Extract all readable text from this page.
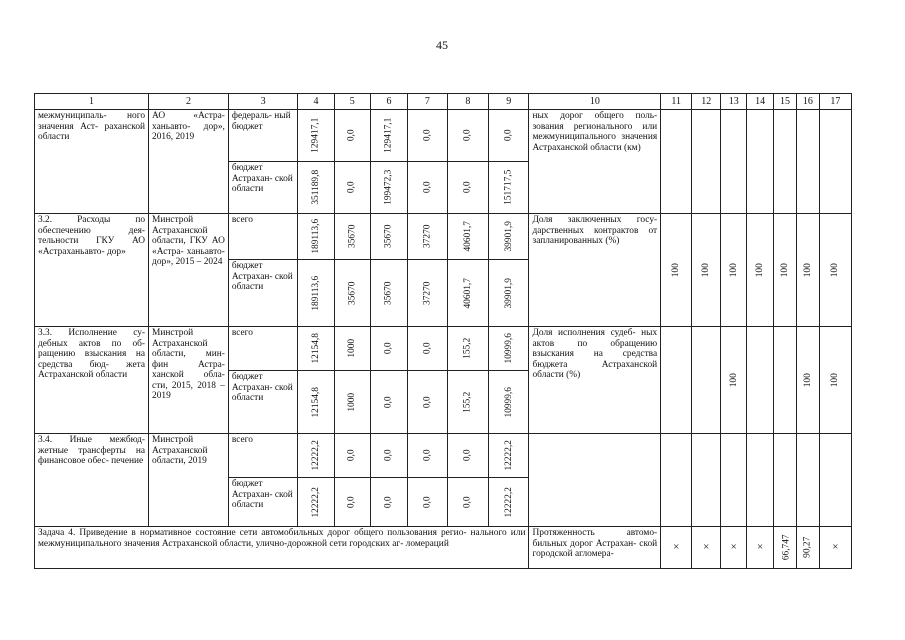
45
1	2	3	4	5	6	7	8	9	10	11	12	13	14	15	16	17
межмуниципаль- ного значения Аст- раханской области	АО «Астра- ханьавто- дор», 2016, 2019	федераль- ный бюджет	129417,1	0,0	129417,1	0,0	0,0	0,0	ных дорог общего поль- зования регионального или межмуниципального значения Астраханской области (км)							
		бюджет Астрахан- ской области	351189,8	0,0	199472,3	0,0	0,0	151717,5								
3.2. Расходы по обеспечению дея- тельности ГКУ АО «Астраханьавто- дор»	Минстрой Астраханской области, ГКУ АО «Астра- ханьавто- дор», 2015 – 2024	всего	189113,6	35670	35670	37270	40601,7	39901,9	Доля заключенных госу- дарственных контрактов от запланированных (%)	100	100	100	100	100	100	100
		бюджет Астрахан- ской области	189113,6	35670	35670	37270	40601,7	39901,9								
3.3. Исполнение су- дебных актов по об- ращению взыскания на средства бюд- жета Астраханской области	Минстрой Астраханской области, мин- фин Астра- ханской обла- сти, 2015, 2018 – 2019	всего	12154,8	1000	0,0	0,0	155,2	10999,6	Доля исполнения судеб- ных актов по обращению взыскания на средства бюджета Астраханской области (%)			100			100	100
		бюджет Астрахан- ской области	12154,8	1000	0,0	0,0	155,2	10999,6								
3.4. Иные межбюд- жетные трансферты на финансовое обес- печение	Минстрой Астраханской области, 2019	всего	12222,2	0,0	0,0	0,0	0,0	12222,2								
		бюджет Астрахан- ской области	12222,2	0,0	0,0	0,0	0,0	12222,2								
Задача 4. Приведение в нормативное состояние сети автомобильных дорог общего пользования регио- нального или межмуниципального значения Астраханской области, улично-дорожной сети городских аг- ломераций									Протяженность автомо- бильных дорог Астрахан- ской городской агломера-	×	×	×	×	66,747	90,27	×
